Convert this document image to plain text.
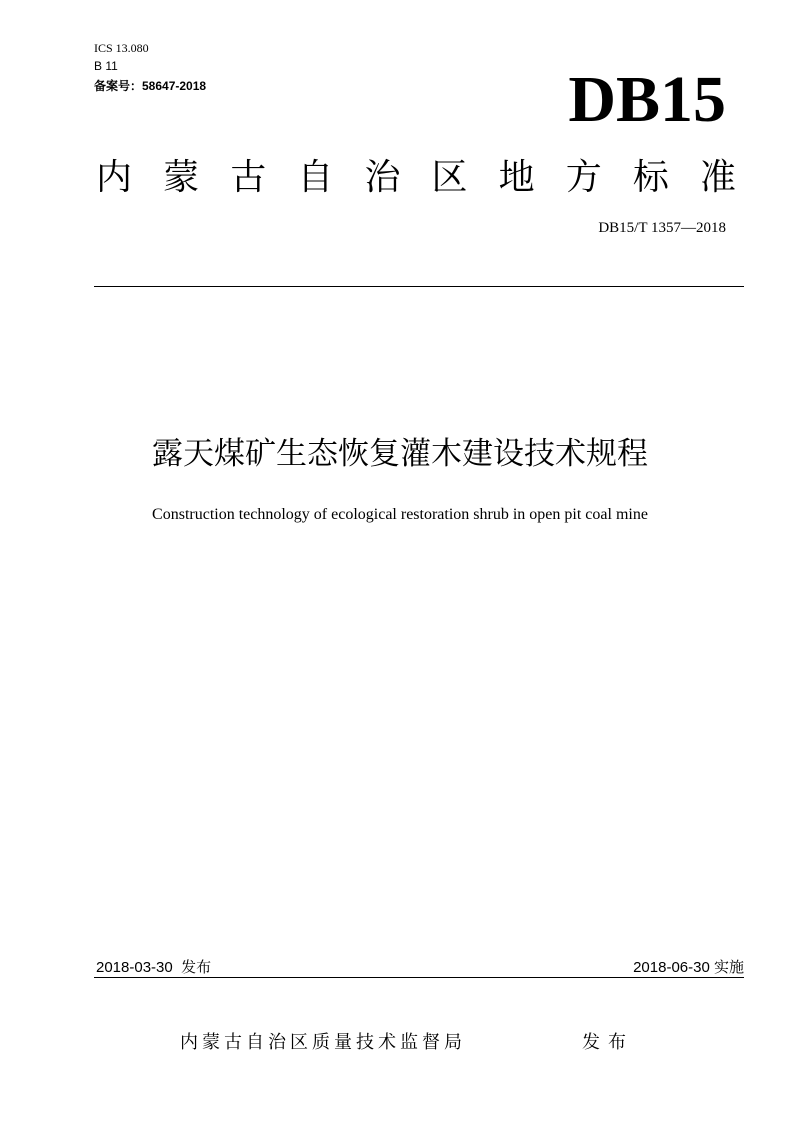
ICS 13.080
B 11
备案号：58647-2018	DB15
内 蒙 古 自 治 区 地 方 标 准
DB15/T 1357—2018
露天煤矿生态恢复灌木建设技术规程
Construction technology of ecological restoration shrub in open pit coal mine
2018-03-30  发布	2018-06-30 实施
内蒙古自治区质量技术监督局	发布
